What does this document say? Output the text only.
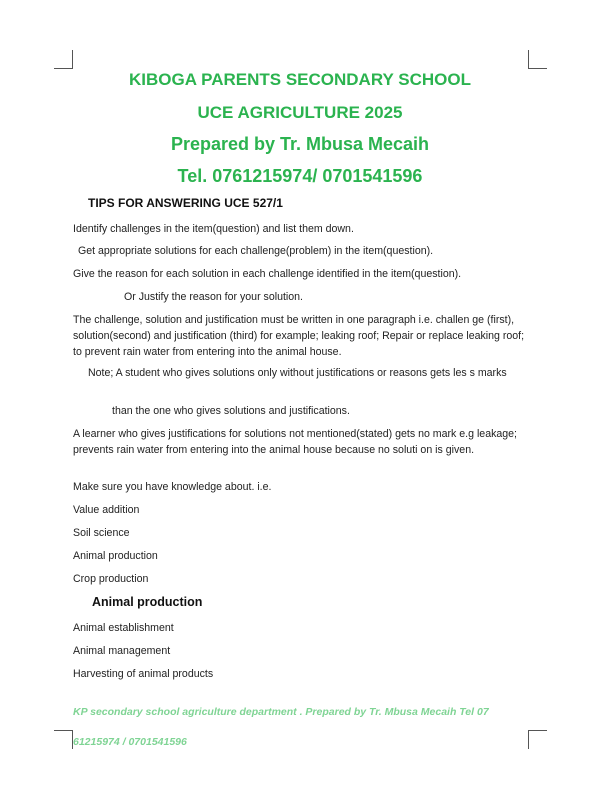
KIBOGA PARENTS SECONDARY SCHOOL
UCE AGRICULTURE 2025
Prepared by Tr. Mbusa Mecaih
Tel. 0761215974/ 0701541596
TIPS FOR ANSWERING UCE 527/1
Identify challenges in the item(question) and list them down.
Get appropriate solutions for each challenge(problem) in the item(question).
Give the reason for each solution in each challenge identified in the item(question).
Or Justify the reason for your solution.
The challenge, solution and justification must be written in one paragraph i.e. challen ge (first), solution(second) and justification (third) for example; leaking roof; Repair or replace leaking roof; to prevent rain water from entering into the animal house.
Note; A student who gives solutions only without justifications or reasons gets les s marks
than the one who gives solutions and justifications.
A learner who gives justifications for solutions not mentioned(stated) gets no mark e.g leakage; prevents rain water from entering into the animal house because no soluti on is given.
Make sure you have knowledge about. i.e.
Value addition
Soil science
Animal production
Crop production
Animal production
Animal establishment
Animal management
Harvesting of animal products
KP secondary school agriculture department . Prepared by Tr. Mbusa Mecaih Tel 07
61215974 / 0701541596
